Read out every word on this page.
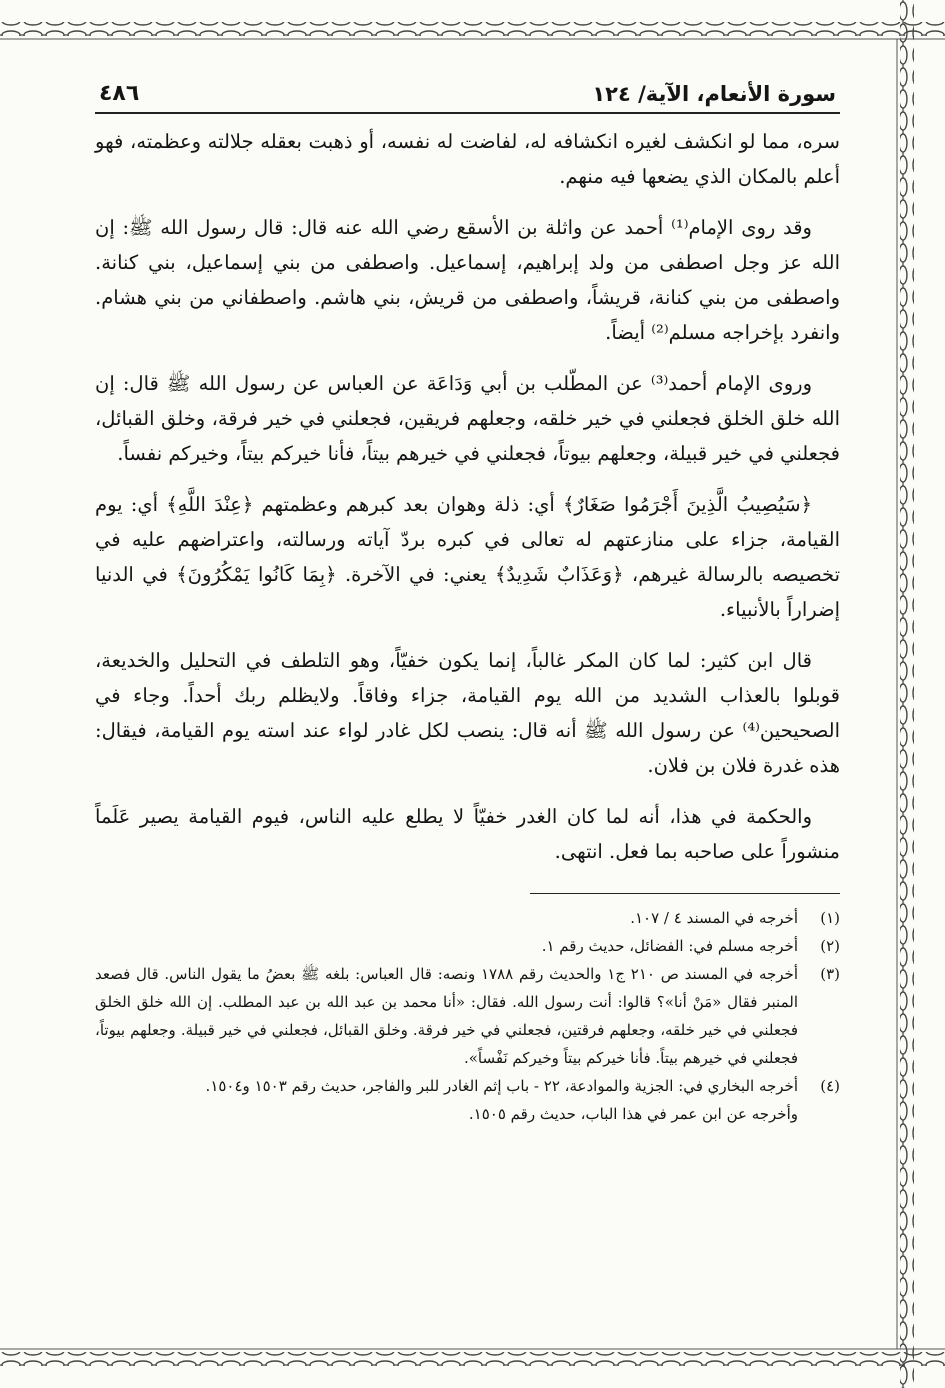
سورة الأنعام، الآية/ ١٢٤
٤٨٦

سره، مما لو انكشف لغيره انكشافه له، لفاضت له نفسه، أو ذهبت بعقله جلالته وعظمته، فهو أعلم بالمكان الذي يضعها فيه منهم.

وقد روى الإمام⁽¹⁾ أحمد عن واثلة بن الأسقع رضي الله عنه قال: قال رسول الله ﷺ: إن الله عز وجل اصطفى من ولد إبراهيم، إسماعيل. واصطفى من بني إسماعيل، بني كنانة. واصطفى من بني كنانة، قريشاً، واصطفى من قريش، بني هاشم. واصطفاني من بني هشام. وانفرد بإخراجه مسلم⁽²⁾ أيضاً.

وروى الإمام أحمد⁽³⁾ عن المطّلب بن أبي وَدَاعَة عن العباس عن رسول الله ﷺ قال: إن الله خلق الخلق فجعلني في خير خلقه، وجعلهم فريقين، فجعلني في خير فرقة، وخلق القبائل، فجعلني في خير قبيلة، وجعلهم بيوتاً، فجعلني في خيرهم بيتاً، فأنا خيركم بيتاً، وخيركم نفساً.

﴿سَيُصِيبُ الَّذِينَ أَجْرَمُوا صَغَارٌ﴾ أي: ذلة وهوان بعد كبرهم وعظمتهم ﴿عِنْدَ اللَّهِ﴾ أي: يوم القيامة، جزاء على منازعتهم له تعالى في كبره بردّ آياته ورسالته، واعتراضهم عليه في تخصيصه بالرسالة غيرهم، ﴿وَعَذَابٌ شَدِيدٌ﴾ يعني: في الآخرة. ﴿بِمَا كَانُوا يَمْكُرُونَ﴾ في الدنيا إضراراً بالأنبياء.

قال ابن كثير: لما كان المكر غالباً، إنما يكون خفيّاً، وهو التلطف في التحليل والخديعة، قوبلوا بالعذاب الشديد من الله يوم القيامة، جزاء وفاقاً. ولايظلم ربك أحداً. وجاء في الصحيحين⁽⁴⁾ عن رسول الله ﷺ أنه قال: ينصب لكل غادر لواء عند استه يوم القيامة، فيقال: هذه غدرة فلان بن فلان.

والحكمة في هذا، أنه لما كان الغدر خفيّاً لا يطلع عليه الناس، فيوم القيامة يصير عَلَماً منشوراً على صاحبه بما فعل. انتهى.

(١)
أخرجه في المسند ٤ / ١٠٧.
(٢)
أخرجه مسلم في: الفضائل، حديث رقم ١.
(٣)
أخرجه في المسند ص ٢١٠ ج١ والحديث رقم ١٧٨٨ ونصه: قال العباس: بلغه ﷺ بعضُ ما يقول الناس. قال فصعد المنبر فقال «مَنْ أنا»؟ قالوا: أنت رسول الله. فقال: «أنا محمد بن عبد الله بن عبد المطلب. إن الله خلق الخلق فجعلني في خير خلقه، وجعلهم فرقتين، فجعلني في خير فرقة. وخلق القبائل، فجعلني في خير قبيلة. وجعلهم بيوتاً، فجعلني في خيرهم بيتاً. فأنا خيركم بيتاً وخيركم نَفْساً».
(٤)
أخرجه البخاري في: الجزية والموادعة، ٢٢ - باب إثم الغادر للبر والفاجر، حديث رقم ١٥٠٣ و١٥٠٤.
وأخرجه عن ابن عمر في هذا الباب، حديث رقم ١٥٠٥.
